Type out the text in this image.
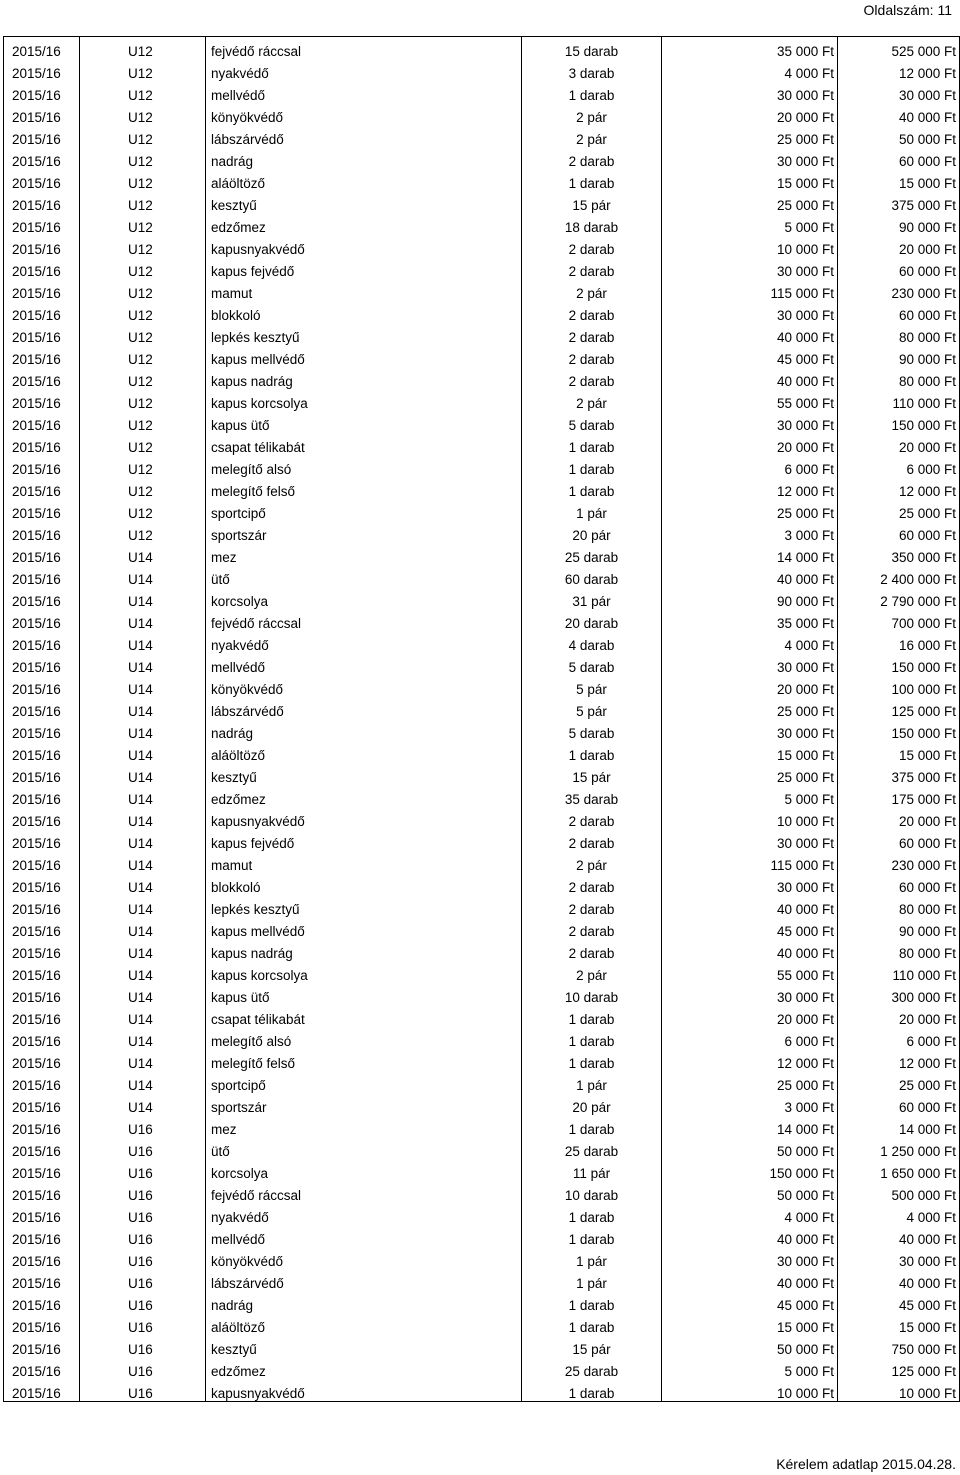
Oldalszám: 11
2015/16	U12	fejvédő ráccsal	15 darab	35 000 Ft	525 000 Ft
2015/16	U12	nyakvédő	3 darab	4 000 Ft	12 000 Ft
2015/16	U12	mellvédő	1 darab	30 000 Ft	30 000 Ft
2015/16	U12	könyökvédő	2 pár	20 000 Ft	40 000 Ft
2015/16	U12	lábszárvédő	2 pár	25 000 Ft	50 000 Ft
2015/16	U12	nadrág	2 darab	30 000 Ft	60 000 Ft
2015/16	U12	aláöltöző	1 darab	15 000 Ft	15 000 Ft
2015/16	U12	kesztyű	15 pár	25 000 Ft	375 000 Ft
2015/16	U12	edzőmez	18 darab	5 000 Ft	90 000 Ft
2015/16	U12	kapusnyakvédő	2 darab	10 000 Ft	20 000 Ft
2015/16	U12	kapus fejvédő	2 darab	30 000 Ft	60 000 Ft
2015/16	U12	mamut	2 pár	115 000 Ft	230 000 Ft
2015/16	U12	blokkoló	2 darab	30 000 Ft	60 000 Ft
2015/16	U12	lepkés kesztyű	2 darab	40 000 Ft	80 000 Ft
2015/16	U12	kapus mellvédő	2 darab	45 000 Ft	90 000 Ft
2015/16	U12	kapus nadrág	2 darab	40 000 Ft	80 000 Ft
2015/16	U12	kapus korcsolya	2 pár	55 000 Ft	110 000 Ft
2015/16	U12	kapus ütő	5 darab	30 000 Ft	150 000 Ft
2015/16	U12	csapat télikabát	1 darab	20 000 Ft	20 000 Ft
2015/16	U12	melegítő alsó	1 darab	6 000 Ft	6 000 Ft
2015/16	U12	melegítő felső	1 darab	12 000 Ft	12 000 Ft
2015/16	U12	sportcipő	1 pár	25 000 Ft	25 000 Ft
2015/16	U12	sportszár	20 pár	3 000 Ft	60 000 Ft
2015/16	U14	mez	25 darab	14 000 Ft	350 000 Ft
2015/16	U14	ütő	60 darab	40 000 Ft	2 400 000 Ft
2015/16	U14	korcsolya	31 pár	90 000 Ft	2 790 000 Ft
2015/16	U14	fejvédő ráccsal	20 darab	35 000 Ft	700 000 Ft
2015/16	U14	nyakvédő	4 darab	4 000 Ft	16 000 Ft
2015/16	U14	mellvédő	5 darab	30 000 Ft	150 000 Ft
2015/16	U14	könyökvédő	5 pár	20 000 Ft	100 000 Ft
2015/16	U14	lábszárvédő	5 pár	25 000 Ft	125 000 Ft
2015/16	U14	nadrág	5 darab	30 000 Ft	150 000 Ft
2015/16	U14	aláöltöző	1 darab	15 000 Ft	15 000 Ft
2015/16	U14	kesztyű	15 pár	25 000 Ft	375 000 Ft
2015/16	U14	edzőmez	35 darab	5 000 Ft	175 000 Ft
2015/16	U14	kapusnyakvédő	2 darab	10 000 Ft	20 000 Ft
2015/16	U14	kapus fejvédő	2 darab	30 000 Ft	60 000 Ft
2015/16	U14	mamut	2 pár	115 000 Ft	230 000 Ft
2015/16	U14	blokkoló	2 darab	30 000 Ft	60 000 Ft
2015/16	U14	lepkés kesztyű	2 darab	40 000 Ft	80 000 Ft
2015/16	U14	kapus mellvédő	2 darab	45 000 Ft	90 000 Ft
2015/16	U14	kapus nadrág	2 darab	40 000 Ft	80 000 Ft
2015/16	U14	kapus korcsolya	2 pár	55 000 Ft	110 000 Ft
2015/16	U14	kapus ütő	10 darab	30 000 Ft	300 000 Ft
2015/16	U14	csapat télikabát	1 darab	20 000 Ft	20 000 Ft
2015/16	U14	melegítő alsó	1 darab	6 000 Ft	6 000 Ft
2015/16	U14	melegítő felső	1 darab	12 000 Ft	12 000 Ft
2015/16	U14	sportcipő	1 pár	25 000 Ft	25 000 Ft
2015/16	U14	sportszár	20 pár	3 000 Ft	60 000 Ft
2015/16	U16	mez	1 darab	14 000 Ft	14 000 Ft
2015/16	U16	ütő	25 darab	50 000 Ft	1 250 000 Ft
2015/16	U16	korcsolya	11 pár	150 000 Ft	1 650 000 Ft
2015/16	U16	fejvédő ráccsal	10 darab	50 000 Ft	500 000 Ft
2015/16	U16	nyakvédő	1 darab	4 000 Ft	4 000 Ft
2015/16	U16	mellvédő	1 darab	40 000 Ft	40 000 Ft
2015/16	U16	könyökvédő	1 pár	30 000 Ft	30 000 Ft
2015/16	U16	lábszárvédő	1 pár	40 000 Ft	40 000 Ft
2015/16	U16	nadrág	1 darab	45 000 Ft	45 000 Ft
2015/16	U16	aláöltöző	1 darab	15 000 Ft	15 000 Ft
2015/16	U16	kesztyű	15 pár	50 000 Ft	750 000 Ft
2015/16	U16	edzőmez	25 darab	5 000 Ft	125 000 Ft
2015/16	U16	kapusnyakvédő	1 darab	10 000 Ft	10 000 Ft
Kérelem adatlap 2015.04.28.
